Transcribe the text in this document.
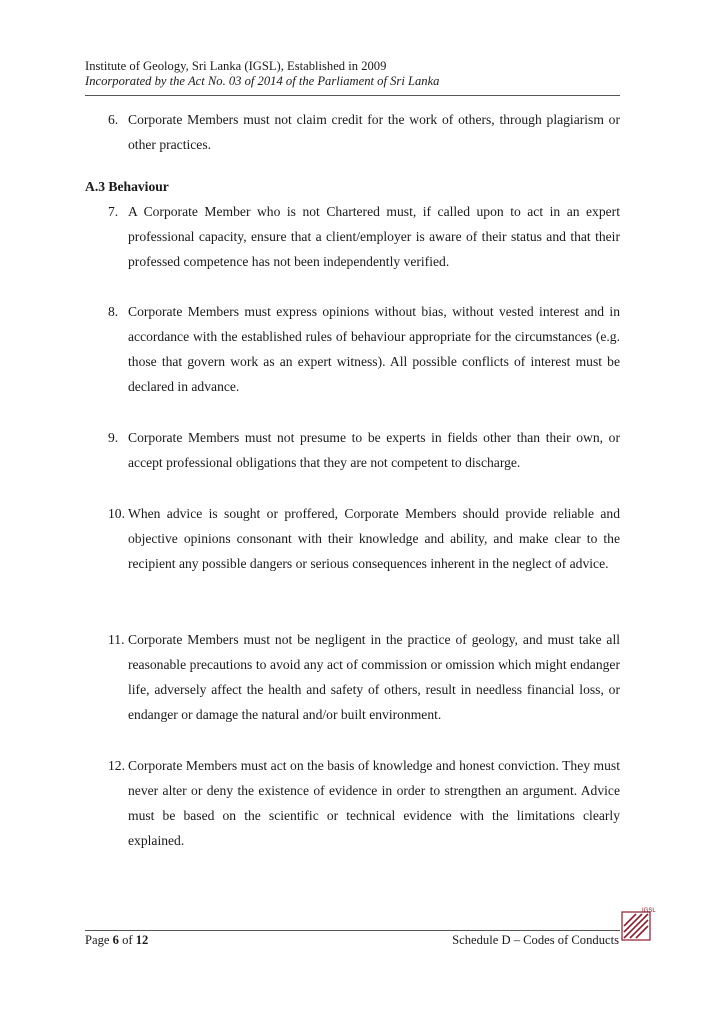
Institute of Geology, Sri Lanka (IGSL), Established in 2009
Incorporated by the Act No. 03 of 2014 of the Parliament of Sri Lanka
6. Corporate Members must not claim credit for the work of others, through plagiarism or other practices.
A.3 Behaviour
7. A Corporate Member who is not Chartered must, if called upon to act in an expert professional capacity, ensure that a client/employer is aware of their status and that their professed competence has not been independently verified.
8. Corporate Members must express opinions without bias, without vested interest and in accordance with the established rules of behaviour appropriate for the circumstances (e.g. those that govern work as an expert witness). All possible conflicts of interest must be declared in advance.
9. Corporate Members must not presume to be experts in fields other than their own, or accept professional obligations that they are not competent to discharge.
10. When advice is sought or proffered, Corporate Members should provide reliable and objective opinions consonant with their knowledge and ability, and make clear to the recipient any possible dangers or serious consequences inherent in the neglect of advice.
11. Corporate Members must not be negligent in the practice of geology, and must take all reasonable precautions to avoid any act of commission or omission which might endanger life, adversely affect the health and safety of others, result in needless financial loss, or endanger or damage the natural and/or built environment.
12. Corporate Members must act on the basis of knowledge and honest conviction. They must never alter or deny the existence of evidence in order to strengthen an argument. Advice must be based on the scientific or technical evidence with the limitations clearly explained.
Page 6 of 12	Schedule D – Codes of Conducts
IGSL
